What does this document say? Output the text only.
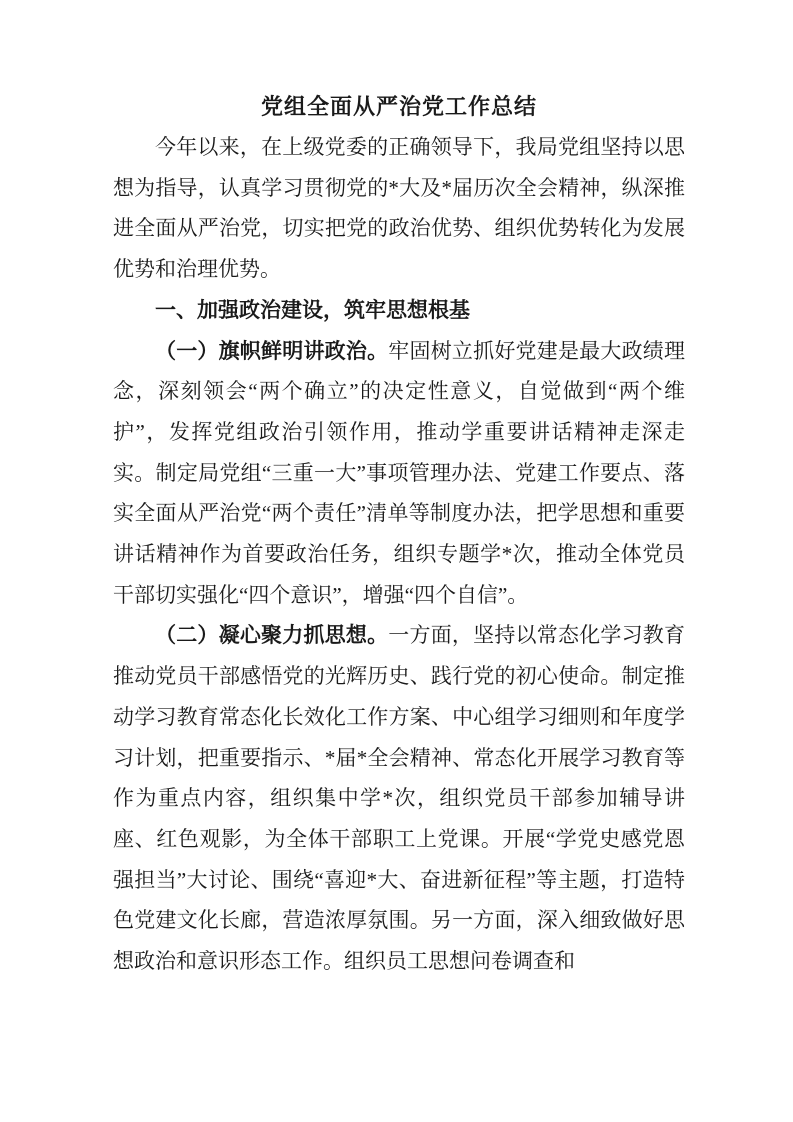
党组全面从严治党工作总结

今年以来，在上级党委的正确领导下，我局党组坚持以思想为指导，认真学习贯彻党的*大及*届历次全会精神，纵深推进全面从严治党，切实把党的政治优势、组织优势转化为发展优势和治理优势。

一、加强政治建设，筑牢思想根基

（一）旗帜鲜明讲政治。牢固树立抓好党建是最大政绩理念，深刻领会“两个确立”的决定性意义，自觉做到“两个维护”，发挥党组政治引领作用，推动学重要讲话精神走深走实。制定局党组“三重一大”事项管理办法、党建工作要点、落实全面从严治党“两个责任”清单等制度办法，把学思想和重要讲话精神作为首要政治任务，组织专题学*次，推动全体党员干部切实强化“四个意识”，增强“四个自信”。

（二）凝心聚力抓思想。一方面，坚持以常态化学习教育推动党员干部感悟党的光辉历史、践行党的初心使命。制定推动学习教育常态化长效化工作方案、中心组学习细则和年度学习计划，把重要指示、*届*全会精神、常态化开展学习教育等作为重点内容，组织集中学*次，组织党员干部参加辅导讲座、红色观影，为全体干部职工上党课。开展“学党史感党恩强担当”大讨论、围绕“喜迎*大、奋进新征程”等主题，打造特色党建文化长廊，营造浓厚氛围。另一方面，深入细致做好思想政治和意识形态工作。组织员工思想问卷调查和
